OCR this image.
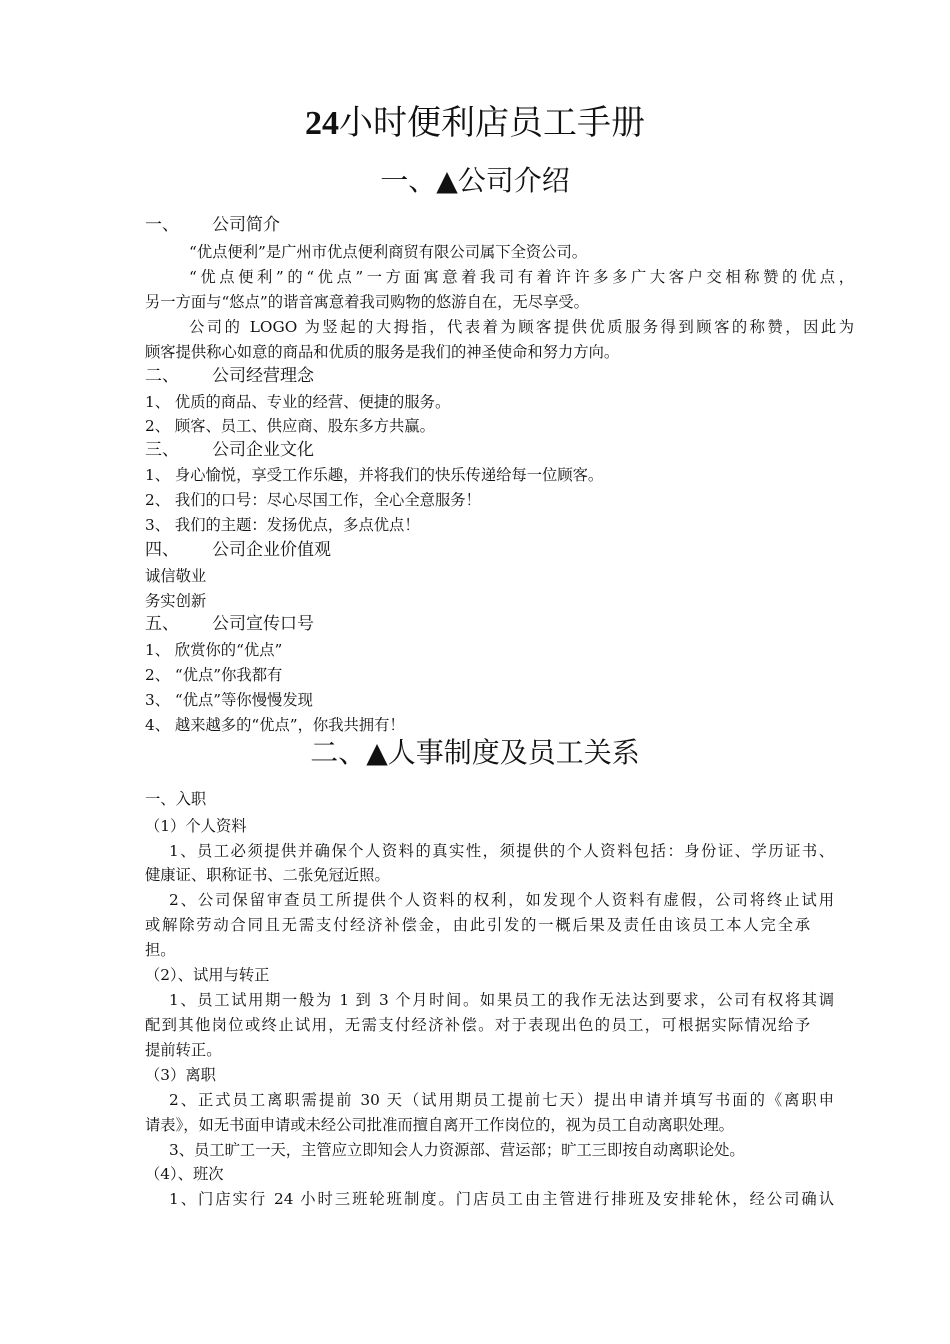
24小时便利店员工手册
一、▲公司介绍
一、 公司简介
“优点便利”是广州市优点便利商贸有限公司属下全资公司。
“优点便利”的“优点”一方面寓意着我司有着许许多多广大客户交相称赞的优点，
另一方面与“悠点”的谐音寓意着我司购物的悠游自在，无尽享受。
公司的 LOGO 为竖起的大拇指，代表着为顾客提供优质服务得到顾客的称赞，因此为
顾客提供称心如意的商品和优质的服务是我们的神圣使命和努力方向。
二、 公司经营理念
1、 优质的商品、专业的经营、便捷的服务。
2、 顾客、员工、供应商、股东多方共赢。
三、 公司企业文化
1、 身心愉悦，享受工作乐趣，并将我们的快乐传递给每一位顾客。
2、 我们的口号：尽心尽国工作，全心全意服务！
3、 我们的主题：发扬优点，多点优点！
四、 公司企业价值观
诚信敬业
务实创新
五、 公司宣传口号
1、 欣赏你的“优点”
2、 “优点”你我都有
3、 “优点”等你慢慢发现
4、 越来越多的“优点”，你我共拥有！
二、▲人事制度及员工关系
一、入职
（1）个人资料
1、员工必须提供并确保个人资料的真实性，须提供的个人资料包括：身份证、学历证书、
健康证、职称证书、二张免冠近照。
2、公司保留审查员工所提供个人资料的权利，如发现个人资料有虚假，公司将终止试用
或解除劳动合同且无需支付经济补偿金，由此引发的一概后果及责任由该员工本人完全承
担。
（2）、试用与转正
1、员工试用期一般为 1 到 3 个月时间。如果员工的我作无法达到要求，公司有权将其调
配到其他岗位或终止试用，无需支付经济补偿。对于表现出色的员工，可根据实际情况给予
提前转正。
（3）离职
2、正式员工离职需提前 30 天（试用期员工提前七天）提出申请并填写书面的《离职申
请表》，如无书面申请或未经公司批准而擅自离开工作岗位的，视为员工自动离职处理。
3、员工旷工一天，主管应立即知会人力资源部、营运部；旷工三即按自动离职论处。
（4）、班次
1、门店实行 24 小时三班轮班制度。门店员工由主管进行排班及安排轮休，经公司确认
